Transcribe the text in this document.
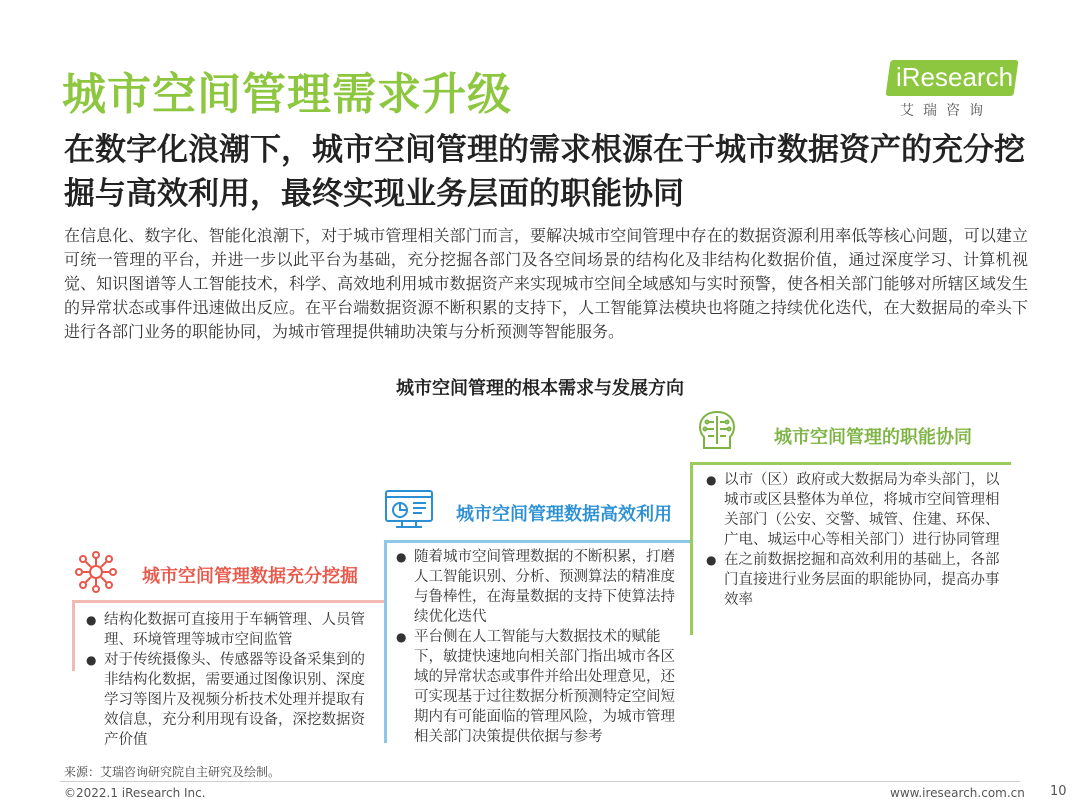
城市空间管理需求升级	iResearch
艾瑞咨询
在数字化浪潮下，城市空间管理的需求根源在于城市数据资产的充分挖掘与高效利用，最终实现业务层面的职能协同
在信息化、数字化、智能化浪潮下，对于城市管理相关部门而言，要解决城市空间管理中存在的数据资源利用率低等核心问题，可以建立可统一管理的平台，并进一步以此平台为基础，充分挖掘各部门及各空间场景的结构化及非结构化数据价值，通过深度学习、计算机视觉、知识图谱等人工智能技术，科学、高效地利用城市数据资产来实现城市空间全域感知与实时预警，使各相关部门能够对所辖区域发生的异常状态或事件迅速做出反应。在平台端数据资源不断积累的支持下，人工智能算法模块也将随之持续优化迭代，在大数据局的牵头下进行各部门业务的职能协同，为城市管理提供辅助决策与分析预测等智能服务。
城市空间管理的根本需求与发展方向
城市空间管理数据充分挖掘
● 结构化数据可直接用于车辆管理、人员管理、环境管理等城市空间监管
● 对于传统摄像头、传感器等设备采集到的非结构化数据，需要通过图像识别、深度学习等图片及视频分析技术处理并提取有效信息，充分利用现有设备，深挖数据资产价值
城市空间管理数据高效利用
● 随着城市空间管理数据的不断积累，打磨人工智能识别、分析、预测算法的精准度与鲁棒性，在海量数据的支持下使算法持续优化迭代
● 平台侧在人工智能与大数据技术的赋能下，敏捷快速地向相关部门指出城市各区域的异常状态或事件并给出处理意见，还可实现基于过往数据分析预测特定空间短期内有可能面临的管理风险，为城市管理相关部门决策提供依据与参考
城市空间管理的职能协同
● 以市（区）政府或大数据局为牵头部门，以城市或区县整体为单位，将城市空间管理相关部门（公安、交警、城管、住建、环保、广电、城运中心等相关部门）进行协同管理
● 在之前数据挖掘和高效利用的基础上，各部门直接进行业务层面的职能协同，提高办事效率
来源：艾瑞咨询研究院自主研究及绘制。
©2022.1 iResearch Inc.	www.iresearch.com.cn 10
